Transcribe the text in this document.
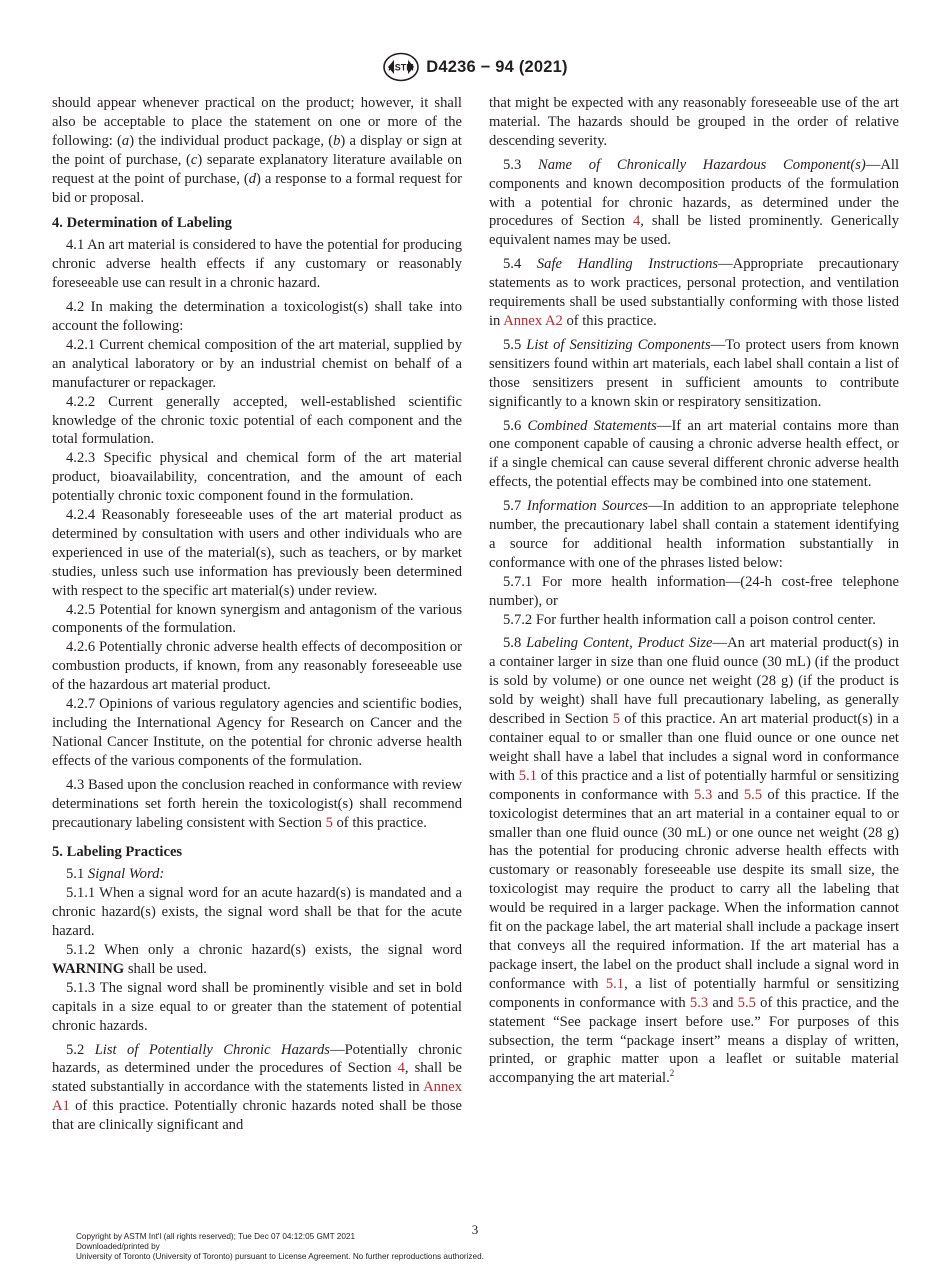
ASTM D4236 − 94 (2021)

should appear whenever practical on the product; however, it shall also be acceptable to place the statement on one or more of the following: (a) the individual product package, (b) a display or sign at the point of purchase, (c) separate explanatory literature available on request at the point of purchase, (d) a response to a formal request for bid or proposal.

4. Determination of Labeling

4.1 An art material is considered to have the potential for producing chronic adverse health effects if any customary or reasonably foreseeable use can result in a chronic hazard.

4.2 In making the determination a toxicologist(s) shall take into account the following:

4.2.1 Current chemical composition of the art material, supplied by an analytical laboratory or by an industrial chemist on behalf of a manufacturer or repackager.

4.2.2 Current generally accepted, well-established scientific knowledge of the chronic toxic potential of each component and the total formulation.

4.2.3 Specific physical and chemical form of the art material product, bioavailability, concentration, and the amount of each potentially chronic toxic component found in the formulation.

4.2.4 Reasonably foreseeable uses of the art material product as determined by consultation with users and other individuals who are experienced in use of the material(s), such as teachers, or by market studies, unless such use information has previously been determined with respect to the specific art material(s) under review.

4.2.5 Potential for known synergism and antagonism of the various components of the formulation.

4.2.6 Potentially chronic adverse health effects of decomposition or combustion products, if known, from any reasonably foreseeable use of the hazardous art material product.

4.2.7 Opinions of various regulatory agencies and scientific bodies, including the International Agency for Research on Cancer and the National Cancer Institute, on the potential for chronic adverse health effects of the various components of the formulation.

4.3 Based upon the conclusion reached in conformance with review determinations set forth herein the toxicologist(s) shall recommend precautionary labeling consistent with Section 5 of this practice.

5. Labeling Practices

5.1 Signal Word:

5.1.1 When a signal word for an acute hazard(s) is mandated and a chronic hazard(s) exists, the signal word shall be that for the acute hazard.

5.1.2 When only a chronic hazard(s) exists, the signal word WARNING shall be used.

5.1.3 The signal word shall be prominently visible and set in bold capitals in a size equal to or greater than the statement of potential chronic hazards.

5.2 List of Potentially Chronic Hazards—Potentially chronic hazards, as determined under the procedures of Section 4, shall be stated substantially in accordance with the statements listed in Annex A1 of this practice. Potentially chronic hazards noted shall be those that are clinically significant and

that might be expected with any reasonably foreseeable use of the art material. The hazards should be grouped in the order of relative descending severity.

5.3 Name of Chronically Hazardous Component(s)—All components and known decomposition products of the formulation with a potential for chronic hazards, as determined under the procedures of Section 4, shall be listed prominently. Generically equivalent names may be used.

5.4 Safe Handling Instructions—Appropriate precautionary statements as to work practices, personal protection, and ventilation requirements shall be used substantially conforming with those listed in Annex A2 of this practice.

5.5 List of Sensitizing Components—To protect users from known sensitizers found within art materials, each label shall contain a list of those sensitizers present in sufficient amounts to contribute significantly to a known skin or respiratory sensitization.

5.6 Combined Statements—If an art material contains more than one component capable of causing a chronic adverse health effect, or if a single chemical can cause several different chronic adverse health effects, the potential effects may be combined into one statement.

5.7 Information Sources—In addition to an appropriate telephone number, the precautionary label shall contain a statement identifying a source for additional health information substantially in conformance with one of the phrases listed below:

5.7.1 For more health information—(24-h cost-free telephone number), or

5.7.2 For further health information call a poison control center.

5.8 Labeling Content, Product Size—An art material product(s) in a container larger in size than one fluid ounce (30 mL) (if the product is sold by volume) or one ounce net weight (28 g) (if the product is sold by weight) shall have full precautionary labeling, as generally described in Section 5 of this practice. An art material product(s) in a container equal to or smaller than one fluid ounce or one ounce net weight shall have a label that includes a signal word in conformance with 5.1 of this practice and a list of potentially harmful or sensitizing components in conformance with 5.3 and 5.5 of this practice. If the toxicologist determines that an art material in a container equal to or smaller than one fluid ounce (30 mL) or one ounce net weight (28 g) has the potential for producing chronic adverse health effects with customary or reasonably foreseeable use despite its small size, the toxicologist may require the product to carry all the labeling that would be required in a larger package. When the information cannot fit on the package label, the art material shall include a package insert that conveys all the required information. If the art material has a package insert, the label on the product shall include a signal word in conformance with 5.1, a list of potentially harmful or sensitizing components in conformance with 5.3 and 5.5 of this practice, and the statement “See package insert before use.” For purposes of this subsection, the term “package insert” means a display of written, printed, or graphic matter upon a leaflet or suitable material accompanying the art material.$^2$

3
Copyright by ASTM Int'l (all rights reserved); Tue Dec 07 04:12:05 GMT 2021
Downloaded/printed by
University of Toronto (University of Toronto) pursuant to License Agreement. No further reproductions authorized.
